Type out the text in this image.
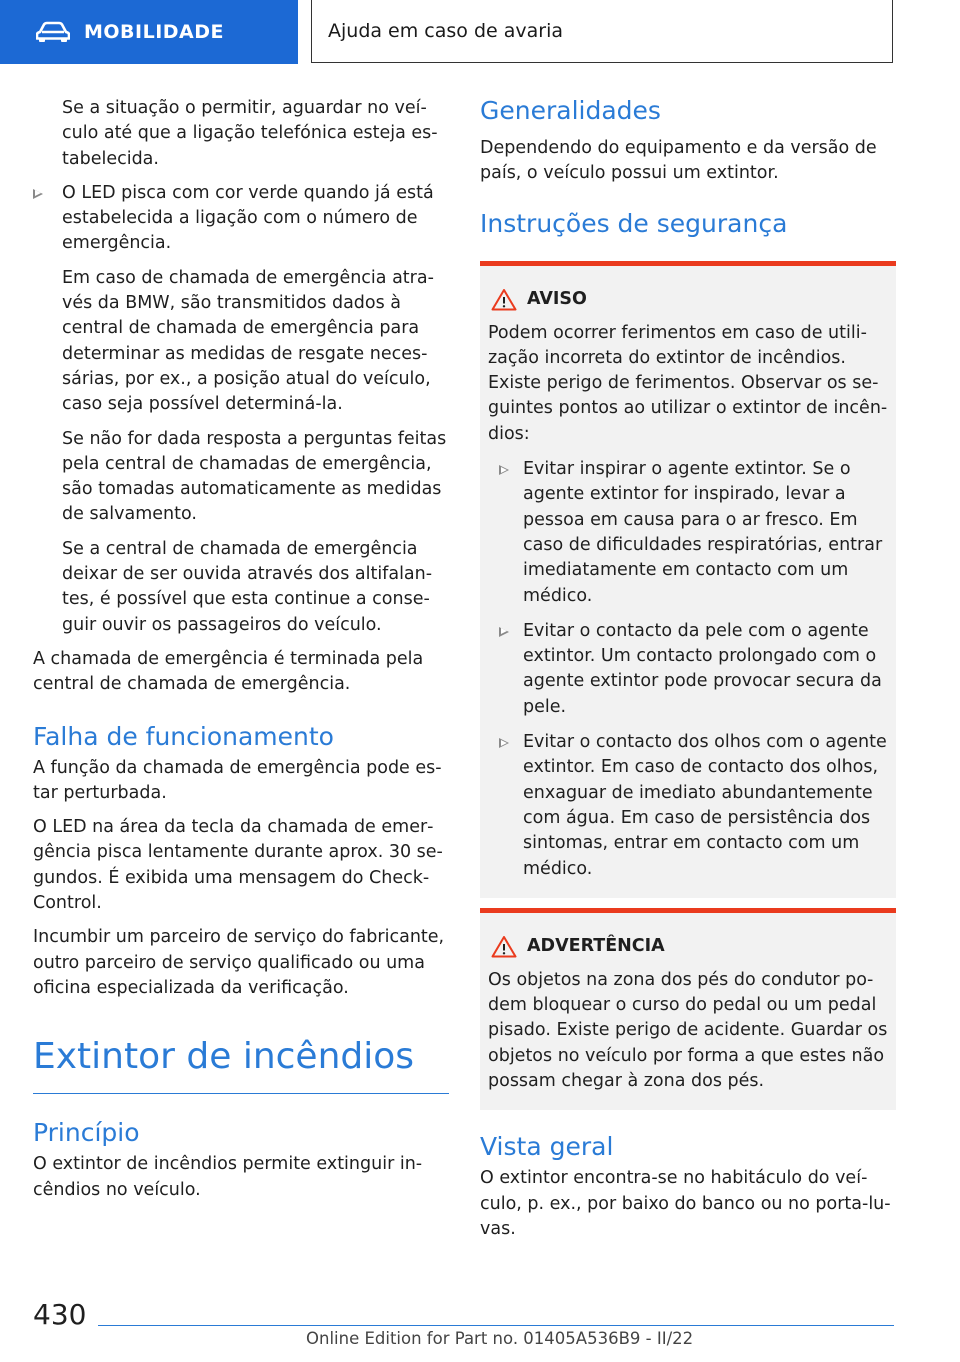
MOBILIDADE	Ajuda em caso de avaria

Se a situação o permitir, aguardar no veículo até que a ligação telefónica esteja estabelecida.

O LED pisca com cor verde quando já está estabelecida a ligação com o número de emergência.

Em caso de chamada de emergência através da BMW, são transmitidos dados à central de chamada de emergência para determinar as medidas de resgate necessárias, por ex., a posição atual do veículo, caso seja possível determiná-la.

Se não for dada resposta a perguntas feitas pela central de chamadas de emergência, são tomadas automaticamente as medidas de salvamento.

Se a central de chamada de emergência deixar de ser ouvida através dos altifalantes, é possível que esta continue a conseguir ouvir os passageiros do veículo.

A chamada de emergência é terminada pela central de chamada de emergência.

Falha de funcionamento

A função da chamada de emergência pode estar perturbada.

O LED na área da tecla da chamada de emergência pisca lentamente durante aprox. 30 segundos. É exibida uma mensagem do Check-Control.

Incumbir um parceiro de serviço do fabricante, outro parceiro de serviço qualificado ou uma oficina especializada da verificação.

Extintor de incêndios
Princípio

O extintor de incêndios permite extinguir incêndios no veículo.

Generalidades

Dependendo do equipamento e da versão de país, o veículo possui um extintor.

Instruções de segurança
AVISO

Podem ocorrer ferimentos em caso de utilização incorreta do extintor de incêndios. Existe perigo de ferimentos. Observar os seguintes pontos ao utilizar o extintor de incêndios:

Evitar inspirar o agente extintor. Se o agente extintor for inspirado, levar a pessoa em causa para o ar fresco. Em caso de dificuldades respiratórias, entrar imediatamente em contacto com um médico.
Evitar o contacto da pele com o agente extintor. Um contacto prolongado com o agente extintor pode provocar secura da pele.
Evitar o contacto dos olhos com o agente extintor. Em caso de contacto dos olhos, enxaguar de imediato abundantemente com água. Em caso de persistência dos sintomas, entrar em contacto com um médico.
ADVERTÊNCIA

Os objetos na zona dos pés do condutor podem bloquear o curso do pedal ou um pedal pisado. Existe perigo de acidente. Guardar os objetos no veículo por forma a que estes não possam chegar à zona dos pés.

Vista geral

O extintor encontra-se no habitáculo do veículo, p. ex., por baixo do banco ou no porta-luvas.

430
Online Edition for Part no. 01405A536B9 - II/22
